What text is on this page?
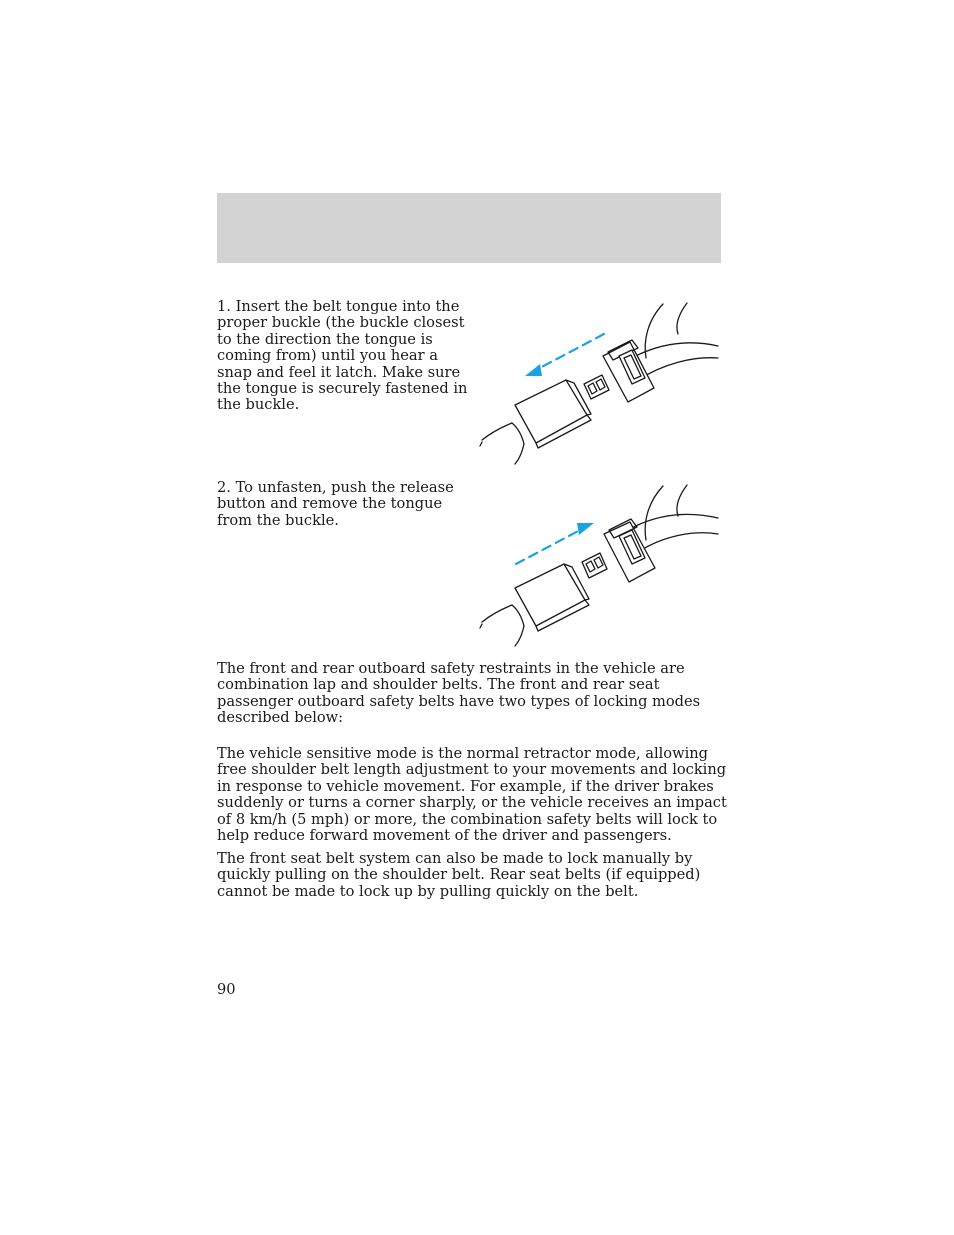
1. Insert the belt tongue into the proper buckle (the buckle closest to the direction the tongue is coming from) until you hear a snap and feel it latch. Make sure the tongue is securely fastened in the buckle.

2. To unfasten, push the release button and remove the tongue from the buckle.

The front and rear outboard safety restraints in the vehicle are combination lap and shoulder belts. The front and rear seat passenger outboard safety belts have two types of locking modes described below:

The vehicle sensitive mode is the normal retractor mode, allowing free shoulder belt length adjustment to your movements and locking in response to vehicle movement. For example, if the driver brakes suddenly or turns a corner sharply, or the vehicle receives an impact of 8 km/h (5 mph) or more, the combination safety belts will lock to help reduce forward movement of the driver and passengers.

The front seat belt system can also be made to lock manually by quickly pulling on the shoulder belt. Rear seat belts (if equipped) cannot be made to lock up by pulling quickly on the belt.

90
